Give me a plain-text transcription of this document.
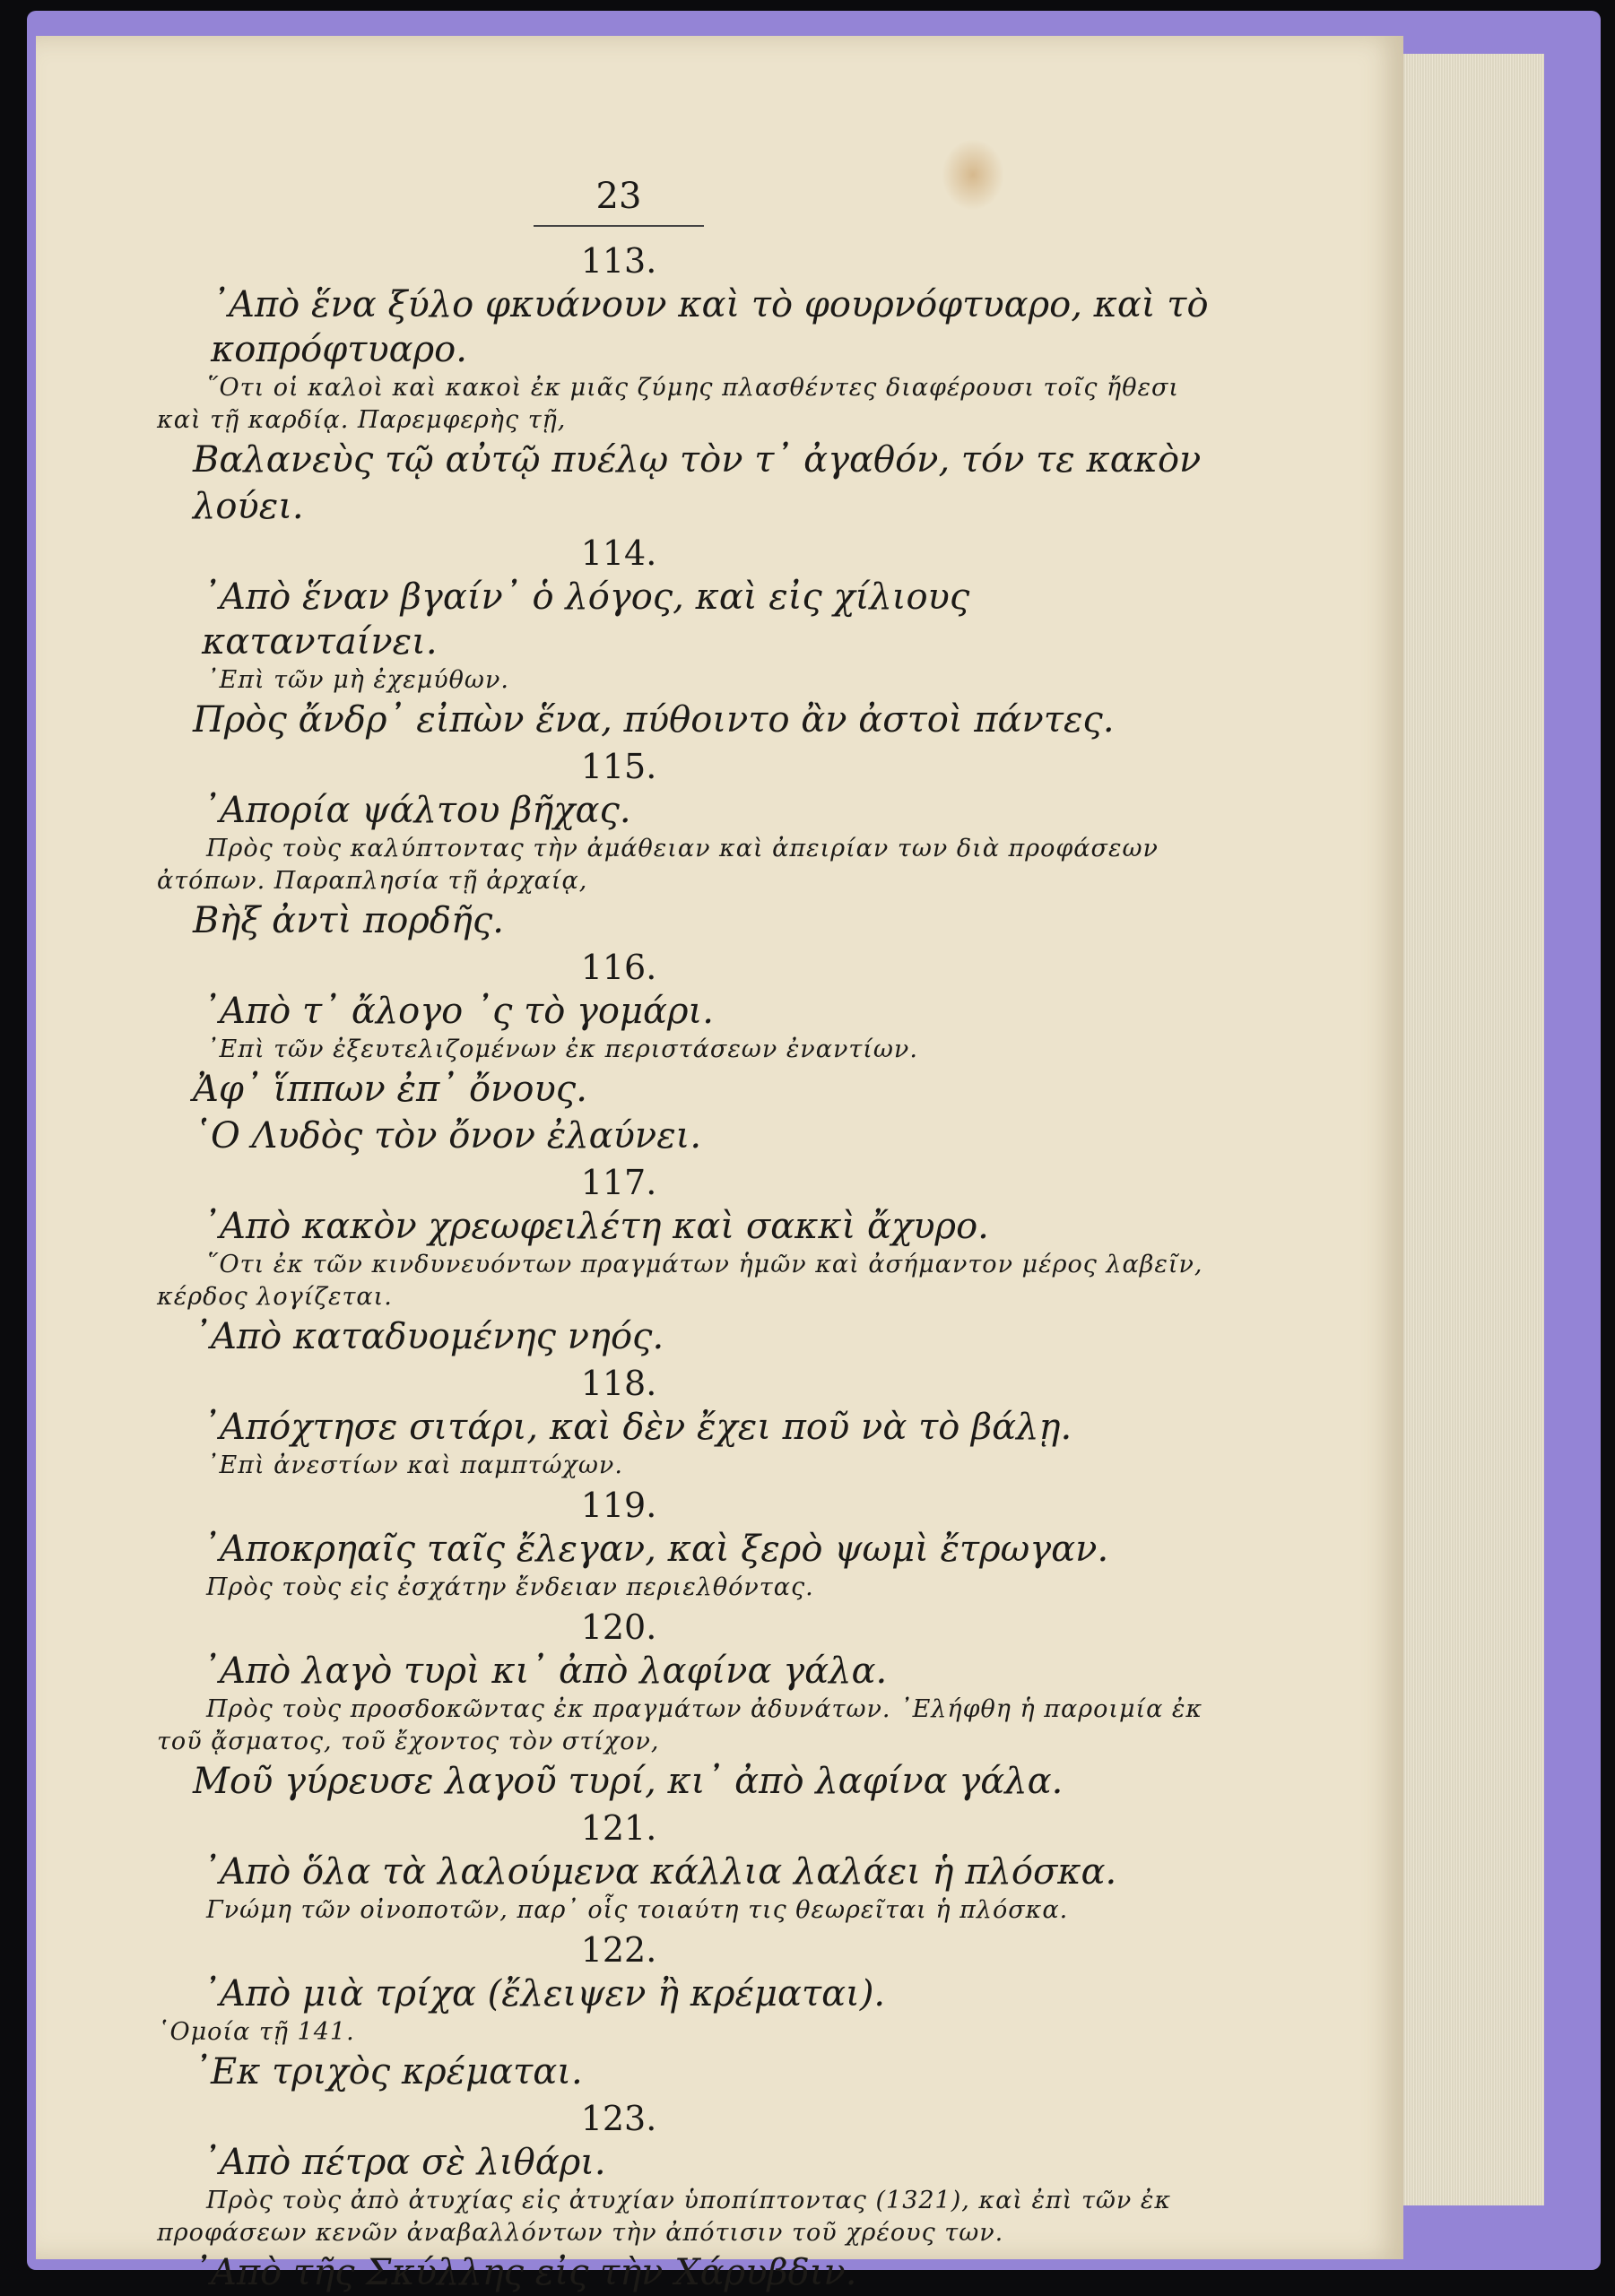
23
113.
᾿Απὸ ἕνα ξύλο φκυάνουν καὶ τὸ φουρνόφτυαρο, καὶ τὸ κοπρόφτυαρο.
῞Οτι οἱ καλοὶ καὶ κακοὶ ἐκ μιᾶς ζύμης πλασθέντες διαφέρουσι τοῖς ἤθεσι καὶ τῇ καρδίᾳ. Παρεμφερὴς τῇ,
Βαλανεὺς τῷ αὐτῷ πυέλῳ τὸν τ᾿ ἀγαθόν, τόν τε κακὸν λούει.
114.
᾿Απὸ ἕναν βγαίν᾿ ὁ λόγος, καὶ εἰς χίλιους καταντaίνει.
᾿Επὶ τῶν μὴ ἐχεμύθων.
Πρὸς ἄνδρ᾿ εἰπὼν ἕνα, πύθοιντο ἂν ἀστοὶ πάντες.
115.
᾿Απορία ψάλτου βῆχας.
Πρὸς τοὺς καλύπτοντας τὴν ἀμάθειαν καὶ ἀπειρίαν των διὰ προφάσεων ἀτόπων. Παραπλησία τῇ ἀρχαίᾳ,
Βὴξ ἀντὶ πορδῆς.
116.
᾿Απὸ τ᾿ ἄλογο ᾿ς τὸ γομάρι.
᾿Επὶ τῶν ἐξευτελιζομένων ἐκ περιστάσεων ἐναντίων.
Ἀφ᾿ ἵππων ἐπ᾿ ὄνους.
῾Ο Λυδὸς τὸν ὄνον ἐλαύνει.
117.
᾿Απὸ κακὸν χρεωφειλέτη καὶ σακκὶ ἄχυρο.
῞Οτι ἐκ τῶν κινδυνευόντων πραγμάτων ἡμῶν καὶ ἀσήμαντον μέρος λαβεῖν, κέρδος λογίζεται.
᾿Απὸ καταδυομένης νηός.
118.
᾿Απόχτησε σιτάρι, καὶ δὲν ἔχει ποῦ νὰ τὸ βάλῃ.
᾿Επὶ ἀνεστίων καὶ παμπτώχων.
119.
᾿Αποκρηαῖς ταῖς ἔλεγαν, καὶ ξερὸ ψωμὶ ἔτρωγαν.
Πρὸς τοὺς εἰς ἐσχάτην ἔνδειαν περιελθόντας.
120.
᾿Απὸ λαγὸ τυρὶ κι᾿ ἀπὸ λαφίνα γάλα.
Πρὸς τοὺς προσδοκῶντας ἐκ πραγμάτων ἀδυνάτων. ᾿Ελήφθη ἡ παροιμία ἐκ τοῦ ᾄσματος, τοῦ ἔχοντος τὸν στίχον,
Μοῦ γύρευσε λαγοῦ τυρί, κι᾿ ἀπὸ λαφίνα γάλα.
121.
᾿Απὸ ὅλα τὰ λαλούμενα κάλλια λαλάει ἡ πλόσκα.
Γνώμη τῶν οἰνοποτῶν, παρ᾿ οἷς τοιαύτη τις θεωρεῖται ἡ πλόσκα.
122.
᾿Απὸ μιὰ τρίχα (ἔλειψεν ἢ κρέμαται).
῾Ομοία τῇ 141.
᾿Εκ τριχὸς κρέμαται.
123.
᾿Απὸ πέτρα σὲ λιθάρι.
Πρὸς τοὺς ἀπὸ ἀτυχίας εἰς ἀτυχίαν ὑποπίπτοντας (1321), καὶ ἐπὶ τῶν ἐκ προφάσεων κενῶν ἀναβαλλόντων τὴν ἀπότισιν τοῦ χρέους των.
᾿Απὸ τῆς Σκύλλης εἰς τὴν Χάρυβδιν.
